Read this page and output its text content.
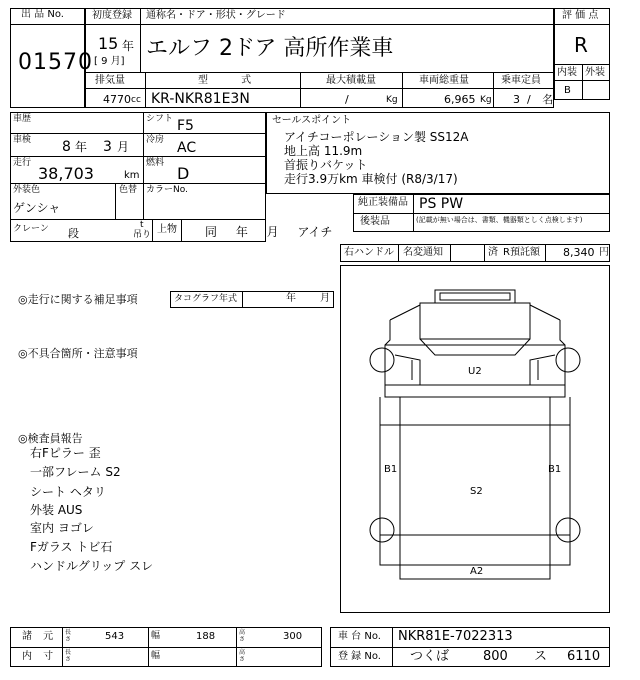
出 品 No.
01570
初度登録 通称名・ドア・形状・グレード
15 年
[ 9 月]
エルフ 2ドア 高所作業車
排気量	型 式	最大積載量	車両総重量	乗車定員
4770 cc KR-NKR81E3N	/	Kg	6,965 Kg 3 / 名
評 価 点
R
内装 外装
B
車歴	シフト F5
車検 8 年 3 月 冷房 AC
走行
38,703	km
燃料
D
外装色
ゲンシャ
色替 カラーNo.
クレーン 段
t
吊り 上物 同 年 月 アイチ
セールスポイント
アイチコーポレーション製 SS12A
地上高 11.9m
首振りバケット
走行3.9万km 車検付 (R8/3/17)
純正装備品 PS PW
後装品	(記載が無い場合は、書類、機器類としく点検します)
右ハンドル 名変通知	済 R預託額 8,340 円
◎走行に関する補足事項	タコグラフ年式	年 月
◎不具合箇所・注意事項
◎検査員報告
右Fピラー 歪
一部フレーム S2
シート ヘタリ
外装 AUS
室内 ヨゴレ
Fガラス トビ石
ハンドルグリップ スレ
U2
B1	B1
S2
A2
諸 元
内 寸
長さ	543
長さ
幅	188
幅
高さ	300
高さ
車 台 No. NKR81E-7022313
登 録 No. つくば	800 ス 6110
